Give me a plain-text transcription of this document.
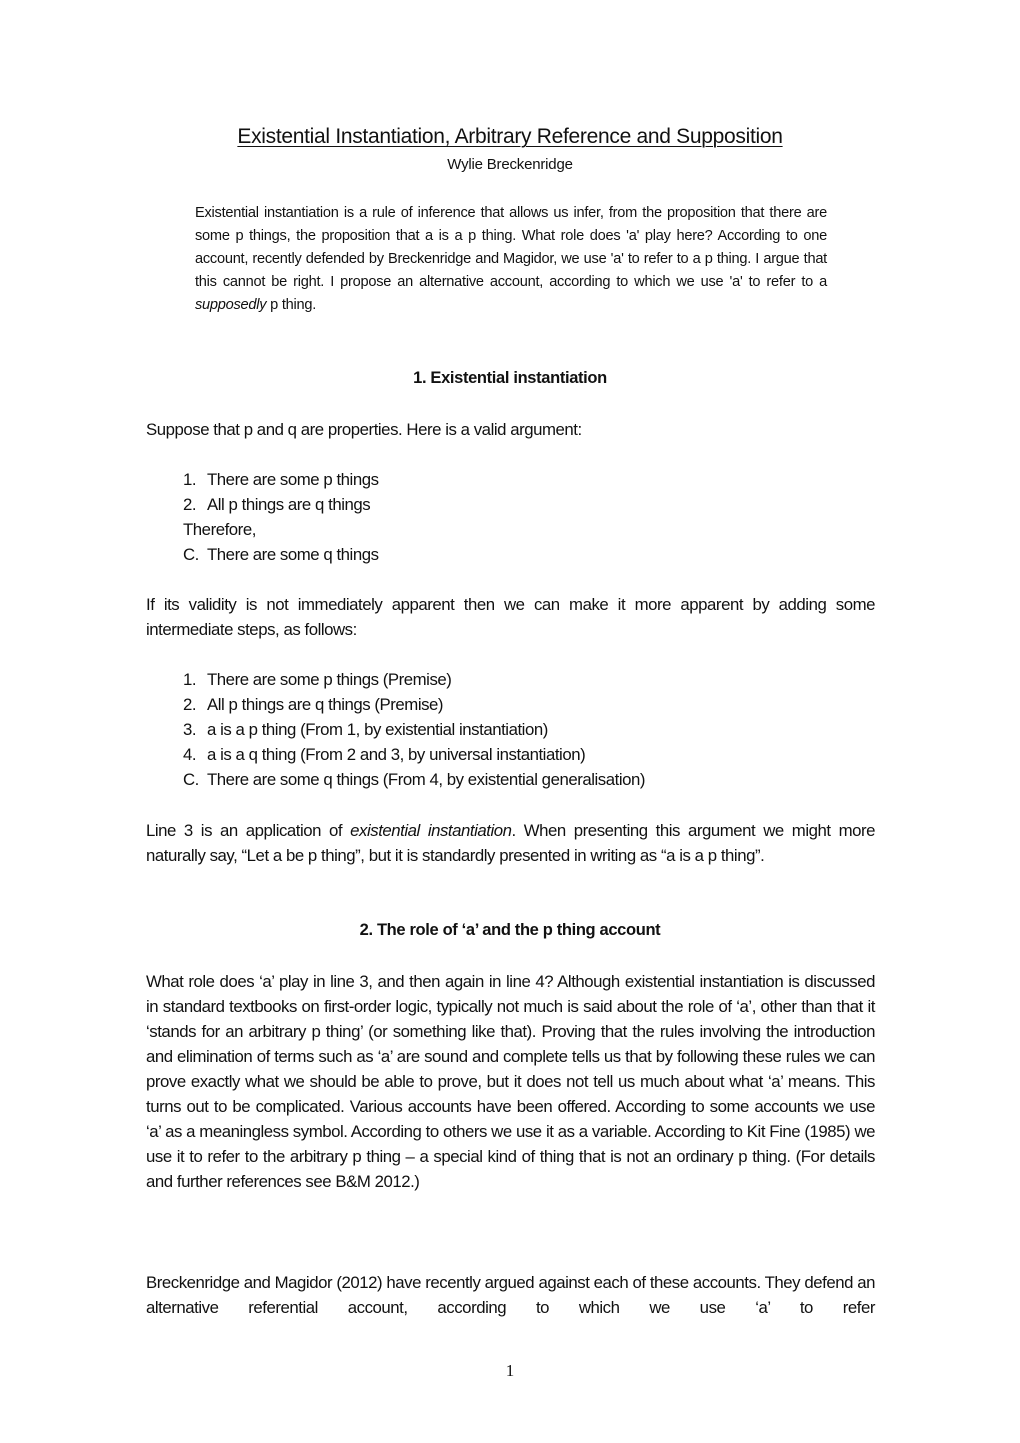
Existential Instantiation, Arbitrary Reference and Supposition
Wylie Breckenridge
Existential instantiation is a rule of inference that allows us infer, from the proposition that there are some p things, the proposition that a is a p thing. What role does 'a' play here? According to one account, recently defended by Breckenridge and Magidor, we use 'a' to refer to a p thing. I argue that this cannot be right. I propose an alternative account, according to which we use 'a' to refer to a supposedly p thing.
1. Existential instantiation
Suppose that p and q are properties. Here is a valid argument:
1. There are some p things
2. All p things are q things
Therefore,
C. There are some q things
If its validity is not immediately apparent then we can make it more apparent by adding some intermediate steps, as follows:
1. There are some p things (Premise)
2. All p things are q things (Premise)
3. a is a p thing (From 1, by existential instantiation)
4. a is a q thing (From 2 and 3, by universal instantiation)
C. There are some q things (From 4, by existential generalisation)
Line 3 is an application of existential instantiation. When presenting this argument we might more naturally say, “Let a be p thing”, but it is standardly presented in writing as “a is a p thing”.
2. The role of ‘a’ and the p thing account
What role does ‘a’ play in line 3, and then again in line 4? Although existential instantiation is discussed in standard textbooks on first-order logic, typically not much is said about the role of ‘a’, other than that it ‘stands for an arbitrary p thing’ (or something like that). Proving that the rules involving the introduction and elimination of terms such as ‘a’ are sound and complete tells us that by following these rules we can prove exactly what we should be able to prove, but it does not tell us much about what ‘a’ means. This turns out to be complicated. Various accounts have been offered. According to some accounts we use ‘a’ as a meaningless symbol. According to others we use it as a variable. According to Kit Fine (1985) we use it to refer to the arbitrary p thing – a special kind of thing that is not an ordinary p thing. (For details and further references see B&M 2012.)
Breckenridge and Magidor (2012) have recently argued against each of these accounts. They defend an alternative referential account, according to which we use ‘a’ to refer
1
